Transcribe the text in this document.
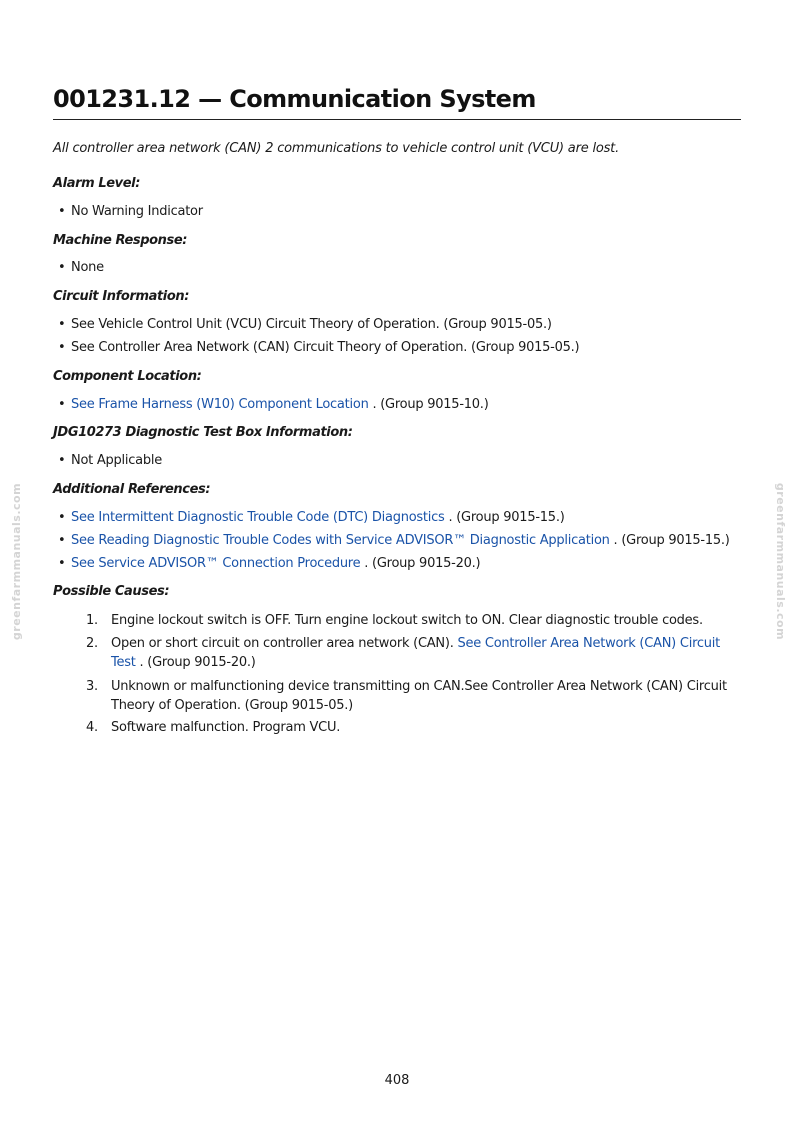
greenfarmmanuals.com	greenfarmmanuals.com
001231.12 — Communication System
All controller area network (CAN) 2 communications to vehicle control unit (VCU) are lost.
Alarm Level:
• No Warning Indicator
Machine Response:
• None
Circuit Information:
• See Vehicle Control Unit (VCU) Circuit Theory of Operation. (Group 9015-05.)
• See Controller Area Network (CAN) Circuit Theory of Operation. (Group 9015-05.)
Component Location:
• See Frame Harness (W10) Component Location . (Group 9015-10.)
JDG10273 Diagnostic Test Box Information:
• Not Applicable
Additional References:
• See Intermittent Diagnostic Trouble Code (DTC) Diagnostics . (Group 9015-15.)
• See Reading Diagnostic Trouble Codes with Service ADVISOR™ Diagnostic Application . (Group 9015-15.)
• See Service ADVISOR™ Connection Procedure . (Group 9015-20.)
Possible Causes:
1.	Engine lockout switch is OFF. Turn engine lockout switch to ON. Clear diagnostic trouble codes.
2.	Open or short circuit on controller area network (CAN). See Controller Area Network (CAN) Circuit Test . (Group 9015-20.)
3.	Unknown or malfunctioning device transmitting on CAN.See Controller Area Network (CAN) Circuit Theory of Operation. (Group 9015-05.)
4.	Software malfunction. Program VCU.
408
